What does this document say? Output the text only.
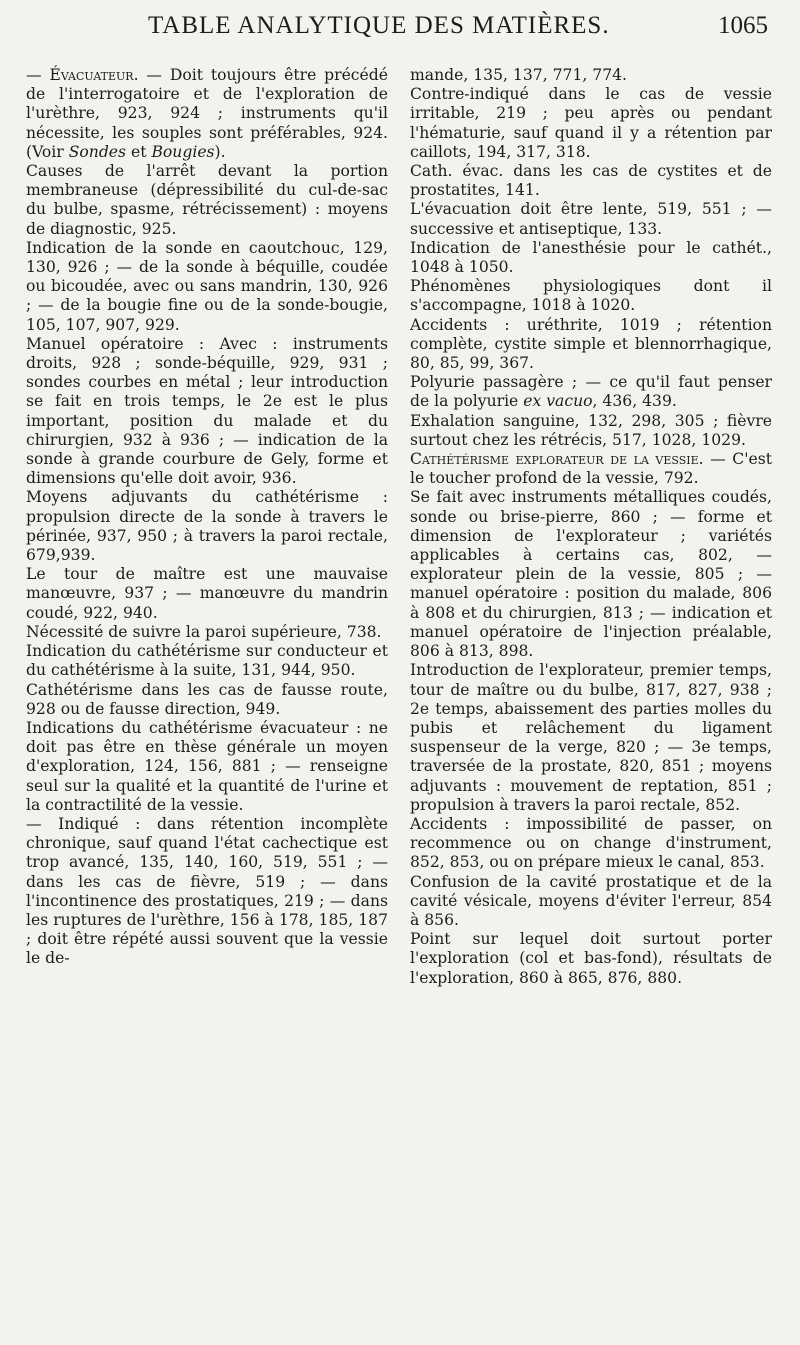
TABLE ANALYTIQUE DES MATIÈRES.	1065

— Évacuateur. — Doit toujours être précédé de l'interrogatoire et de l'exploration de l'urèthre, 923, 924 ; instruments qu'il nécessite, les souples sont préférables, 924. (Voir Sondes et Bougies).

Causes de l'arrêt devant la portion membraneuse (dépressibilité du cul-de-sac du bulbe, spasme, rétrécissement) : moyens de diagnostic, 925.

Indication de la sonde en caoutchouc, 129, 130, 926 ; — de la sonde à béquille, coudée ou bicoudée, avec ou sans mandrin, 130, 926 ; — de la bougie fine ou de la sonde-bougie, 105, 107, 907, 929.

Manuel opératoire : Avec : instruments droits, 928 ; sonde-béquille, 929, 931 ; sondes courbes en métal ; leur introduction se fait en trois temps, le 2e est le plus important, position du malade et du chirurgien, 932 à 936 ; — indication de la sonde à grande courbure de Gely, forme et dimensions qu'elle doit avoir, 936.

Moyens adjuvants du cathétérisme : propulsion directe de la sonde à travers le périnée, 937, 950 ; à travers la paroi rectale, 679,939.

Le tour de maître est une mauvaise manœuvre, 937 ; — manœuvre du mandrin coudé, 922, 940.

Nécessité de suivre la paroi supérieure, 738.

Indication du cathétérisme sur conducteur et du cathétérisme à la suite, 131, 944, 950.

Cathétérisme dans les cas de fausse route, 928 ou de fausse direction, 949.

Indications du cathétérisme évacuateur : ne doit pas être en thèse générale un moyen d'exploration, 124, 156, 881 ; — renseigne seul sur la qualité et la quantité de l'urine et la contractilité de la vessie.

— Indiqué : dans rétention incomplète chronique, sauf quand l'état cachectique est trop avancé, 135, 140, 160, 519, 551 ; — dans les cas de fièvre, 519 ; — dans l'incontinence des prostatiques, 219 ; — dans les ruptures de l'urèthre, 156 à 178, 185, 187 ; doit être répété aussi souvent que la vessie le de-

mande, 135, 137, 771, 774.

Contre-indiqué dans le cas de vessie irritable, 219 ; peu après ou pendant l'hématurie, sauf quand il y a rétention par caillots, 194, 317, 318.

Cath. évac. dans les cas de cystites et de prostatites, 141.

L'évacuation doit être lente, 519, 551 ; — successive et antiseptique, 133.

Indication de l'anesthésie pour le cathét., 1048 à 1050.

Phénomènes physiologiques dont il s'accompagne, 1018 à 1020.

Accidents : uréthrite, 1019 ; rétention complète, cystite simple et blennorrhagique, 80, 85, 99, 367.

Polyurie passagère ; — ce qu'il faut penser de la polyurie ex vacuo, 436, 439.

Exhalation sanguine, 132, 298, 305 ; fièvre surtout chez les rétrécis, 517, 1028, 1029.

Cathétérisme explorateur de la vessie. — C'est le toucher profond de la vessie, 792.

Se fait avec instruments métalliques coudés, sonde ou brise-pierre, 860 ; — forme et dimension de l'explorateur ; variétés applicables à certains cas, 802, — explorateur plein de la vessie, 805 ; — manuel opératoire : position du malade, 806 à 808 et du chirurgien, 813 ; — indication et manuel opératoire de l'injection préalable, 806 à 813, 898.

Introduction de l'explorateur, premier temps, tour de maître ou du bulbe, 817, 827, 938 ; 2e temps, abaissement des parties molles du pubis et relâchement du ligament suspenseur de la verge, 820 ; — 3e temps, traversée de la prostate, 820, 851 ; moyens adjuvants : mouvement de reptation, 851 ; propulsion à travers la paroi rectale, 852.

Accidents : impossibilité de passer, on recommence ou on change d'instrument, 852, 853, ou on prépare mieux le canal, 853.

Confusion de la cavité prostatique et de la cavité vésicale, moyens d'éviter l'erreur, 854 à 856.

Point sur lequel doit surtout porter l'exploration (col et bas-fond), résultats de l'exploration, 860 à 865, 876, 880.
